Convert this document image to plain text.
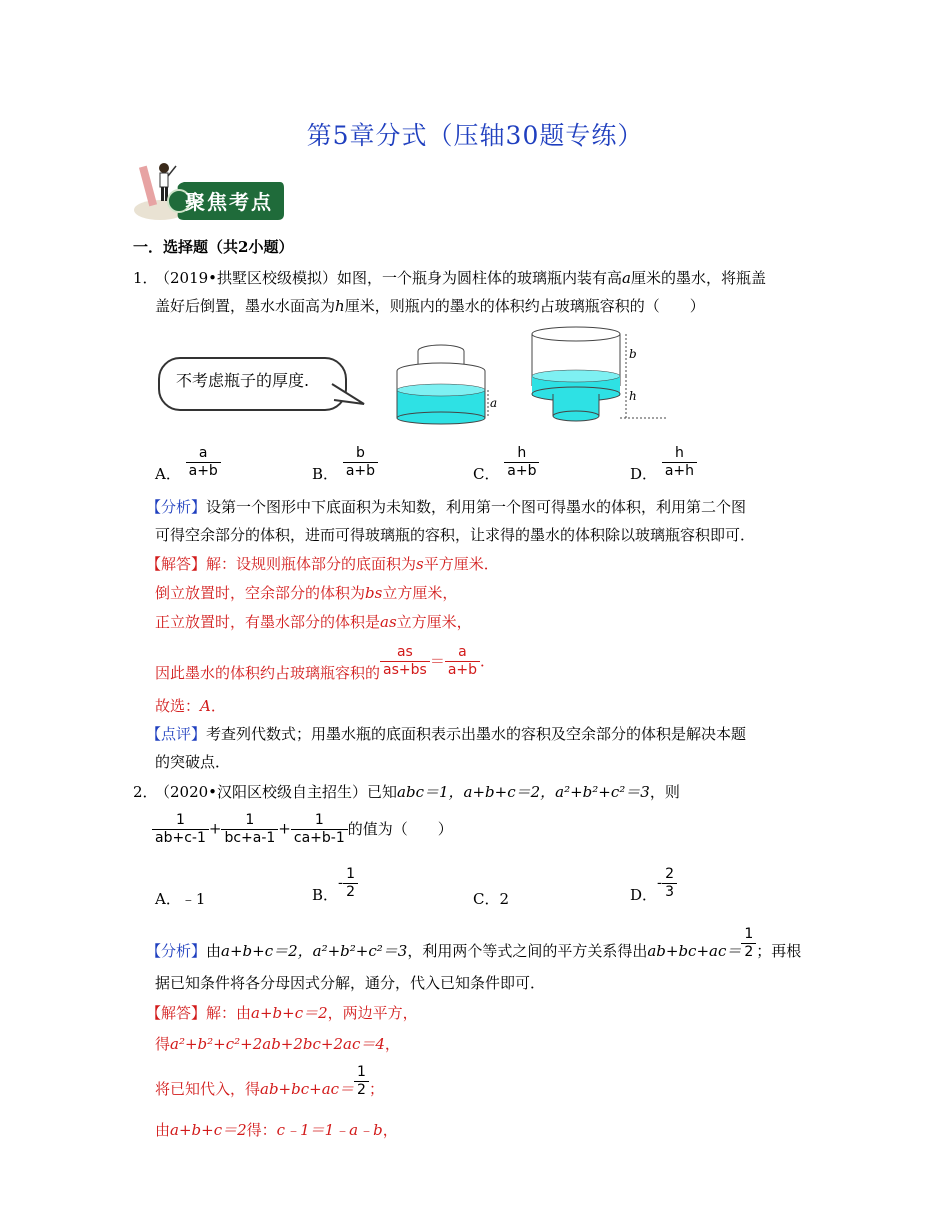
第5章分式（压轴30题专练）
聚焦考点
一．选择题（共2小题）
1．
（2019•拱墅区校级模拟）如图，一个瓶身为圆柱体的玻璃瓶内装有高a厘米的墨水，将瓶盖
盖好后倒置，墨水水面高为h厘米，则瓶内的墨水的体积约占玻璃瓶容积的（　　）
不考虑瓶子的厚度.
a
b
h
A． $\frac{a}{a+b}$	B． $\frac{b}{a+b}$	C． $\frac{h}{a+b}$	D． $\frac{h}{a+h}$
【分析】设第一个图形中下底面积为未知数，利用第一个图可得墨水的体积，利用第二个图
可得空余部分的体积，进而可得玻璃瓶的容积，让求得的墨水的体积除以玻璃瓶容积即可．
【解答】解：设规则瓶体部分的底面积为s平方厘米．
倒立放置时，空余部分的体积为bs立方厘米，
正立放置时，有墨水部分的体积是as立方厘米，
因此墨水的体积约占玻璃瓶容积的 $\frac{as}{as+bs} = \frac{a}{a+b}$ ．
故选：A．
【点评】考查列代数式；用墨水瓶的底面积表示出墨水的容积及空余部分的体积是解决本题
的突破点．
2．
（2020•汉阳区校级自主招生）已知abc＝1，a+b+c＝2，a²+b²+c²＝3，则
$\frac{1}{ab+c-1} + \frac{1}{bc+a-1} + \frac{1}{ca+b-1}$ 的值为（　　）
A．﹣1	B．- $\frac{1}{2}$	C．2	D．- $\frac{2}{3}$
【分析】由a+b+c＝2，a²+b²+c²＝3，利用两个等式之间的平方关系得出$ab+bc+ac= \frac{1}{2}$ ；再根
据已知条件将各分母因式分解，通分，代入已知条件即可．
【解答】解：由a+b+c＝2，两边平方，
得a²+b²+c²+2ab+2bc+2ac＝4，
将已知代入，得$ab+bc+ac= \frac{1}{2}$ ；
由a+b+c＝2得：c﹣1＝1﹣a﹣b，
